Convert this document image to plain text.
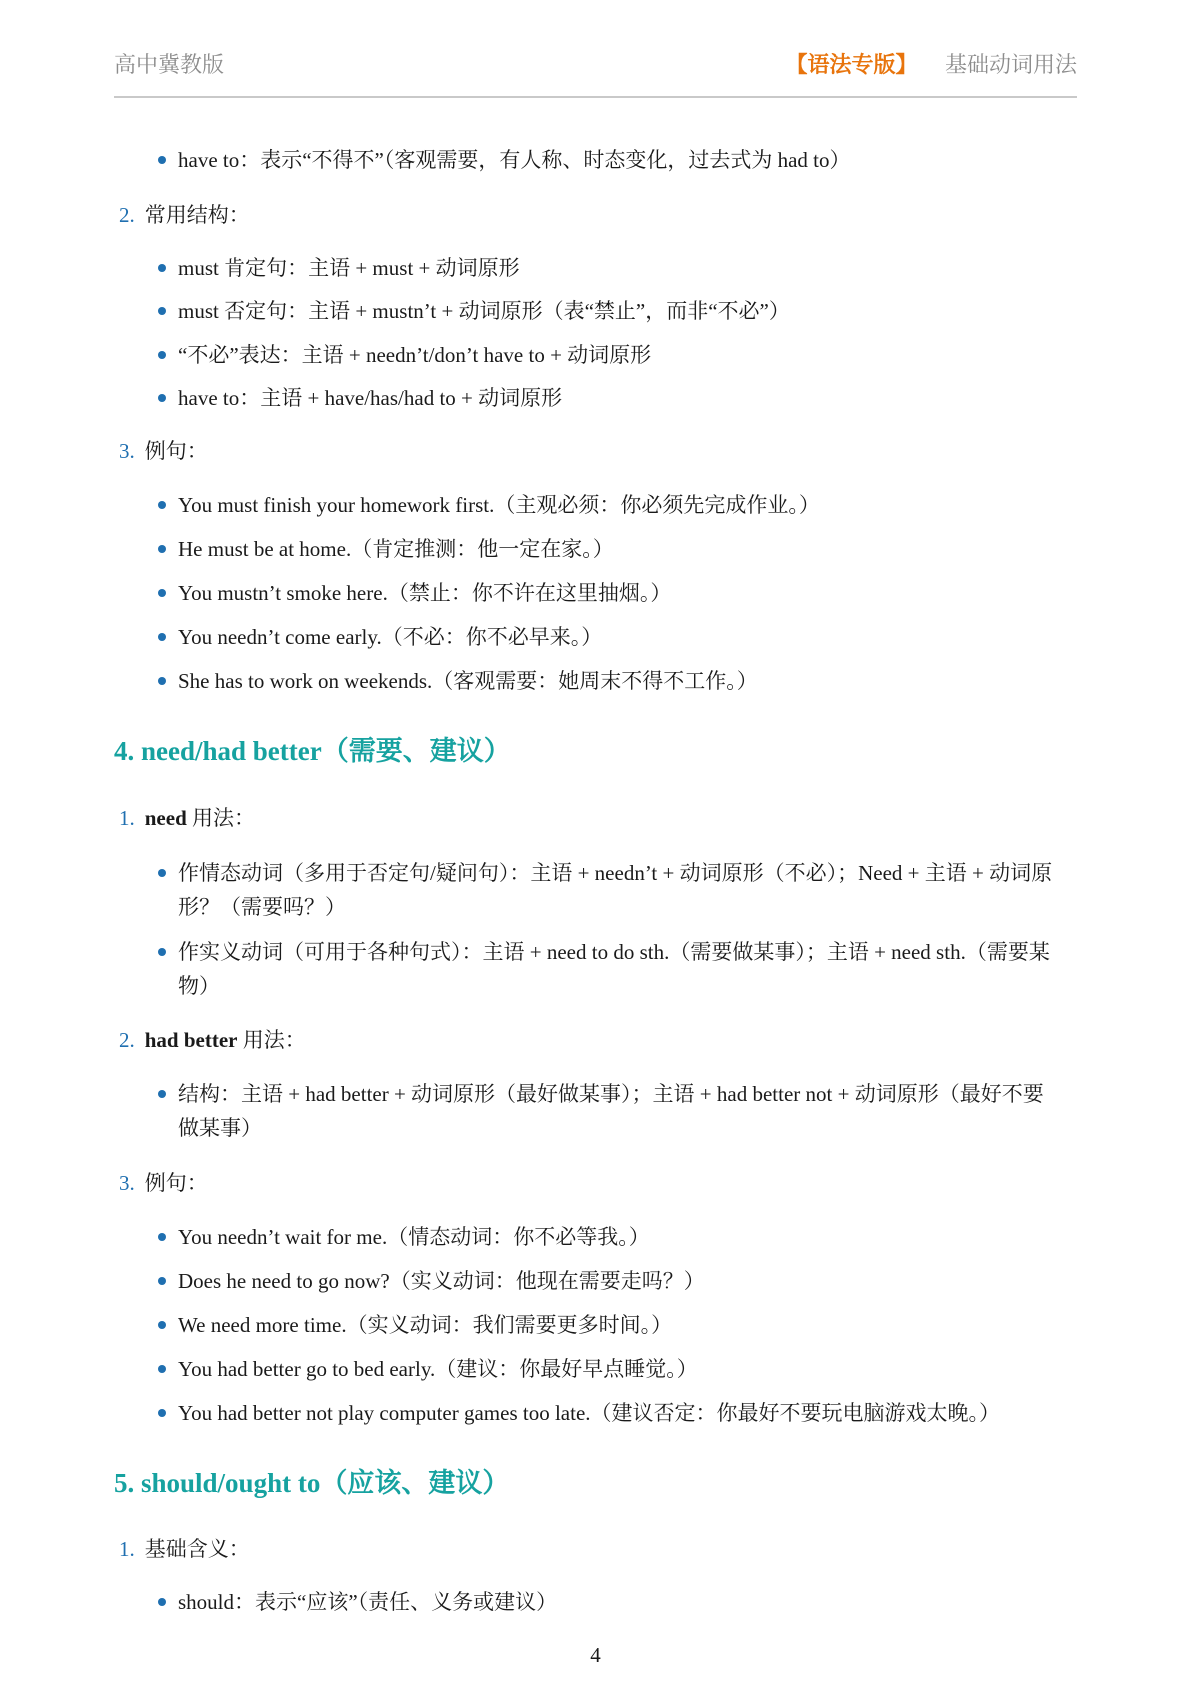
高中冀教版	【语法专版】 基础动词用法
have to：表示“不得不”（客观需要，有人称、时态变化，过去式为 had to）
2. 常用结构：
must 肯定句：主语 + must + 动词原形
must 否定句：主语 + mustn’t + 动词原形（表“禁止”，而非“不必”）
“不必”表达：主语 + needn’t/don’t have to + 动词原形
have to：主语 + have/has/had to + 动词原形
3. 例句：
You must finish your homework first.（主观必须：你必须先完成作业。）
He must be at home.（肯定推测：他一定在家。）
You mustn’t smoke here.（禁止：你不许在这里抽烟。）
You needn’t come early.（不必：你不必早来。）
She has to work on weekends.（客观需要：她周末不得不工作。）
4. need/had better（需要、建议）
1. need 用法：
作情态动词（多用于否定句/疑问句）：主语 + needn’t + 动词原形（不必）；Need + 主语 + 动词原
形？（需要吗？）
作实义动词（可用于各种句式）：主语 + need to do sth.（需要做某事）；主语 + need sth.（需要某
物）
2. had better 用法：
结构：主语 + had better + 动词原形（最好做某事）；主语 + had better not + 动词原形（最好不要
做某事）
3. 例句：
You needn’t wait for me.（情态动词：你不必等我。）
Does he need to go now?（实义动词：他现在需要走吗？）
We need more time.（实义动词：我们需要更多时间。）
You had better go to bed early.（建议：你最好早点睡觉。）
You had better not play computer games too late.（建议否定：你最好不要玩电脑游戏太晚。）
5. should/ought to（应该、建议）
1. 基础含义：
should：表示“应该”（责任、义务或建议）
4
